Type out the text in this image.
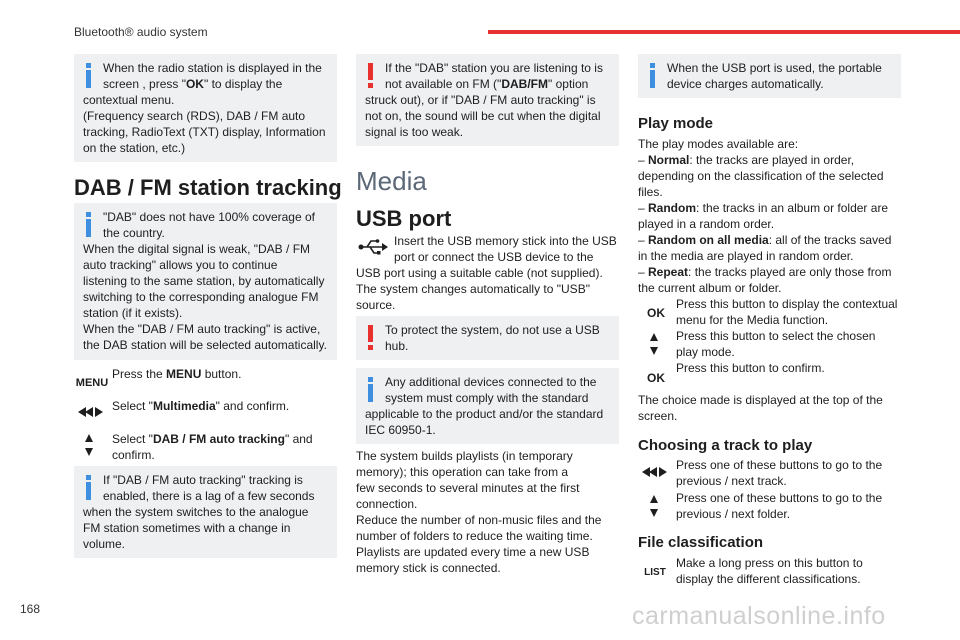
Bluetooth® audio system
When the radio station is displayed in the
screen , press "OK" to display the
contextual menu.
(Frequency search (RDS), DAB / FM auto
tracking, RadioText (TXT) display, Information
on the station, etc.)
DAB / FM station tracking
"DAB" does not have 100% coverage of
the country.
When the digital signal is weak, "DAB / FM
auto tracking" allows you to continue
listening to the same station, by automatically
switching to the corresponding analogue FM
station (if it exists).
When the "DAB / FM auto tracking" is active,
the DAB station will be selected automatically.
MENU
Press the MENU button.
Select "Multimedia" and confirm.
Select "DAB / FM auto tracking" and
confirm.
If "DAB / FM auto tracking" tracking is
enabled, there is a lag of a few seconds
when the system switches to the analogue
FM station sometimes with a change in
volume.
If the "DAB" station you are listening to is
not available on FM ("DAB/FM" option
struck out), or if "DAB / FM auto tracking" is
not on, the sound will be cut when the digital
signal is too weak.
Media
USB port
Insert the USB memory stick into the USB
port or connect the USB device to the
USB port using a suitable cable (not supplied).
The system changes automatically to "USB"
source.
To protect the system, do not use a USB
hub.
Any additional devices connected to the
system must comply with the standard
applicable to the product and/or the standard
IEC 60950-1.
The system builds playlists (in temporary
memory); this operation can take from a
few seconds to several minutes at the first
connection.
Reduce the number of non-music files and the
number of folders to reduce the waiting time.
Playlists are updated every time a new USB
memory stick is connected.
When the USB port is used, the portable
device charges automatically.
Play mode
The play modes available are:
– Normal: the tracks are played in order,
depending on the classification of the selected
files.
– Random: the tracks in an album or folder are
played in a random order.
– Random on all media: all of the tracks saved
in the media are played in random order.
– Repeat: the tracks played are only those from
the current album or folder.
OK
Press this button to display the contextual
menu for the Media function.
Press this button to select the chosen
play mode.
OK
Press this button to confirm.
The choice made is displayed at the top of the
screen.
Choosing a track to play
Press one of these buttons to go to the
previous / next track.
Press one of these buttons to go to the
previous / next folder.
File classification
LIST
Make a long press on this button to
display the different classifications.
168	carmanualsonline.info
